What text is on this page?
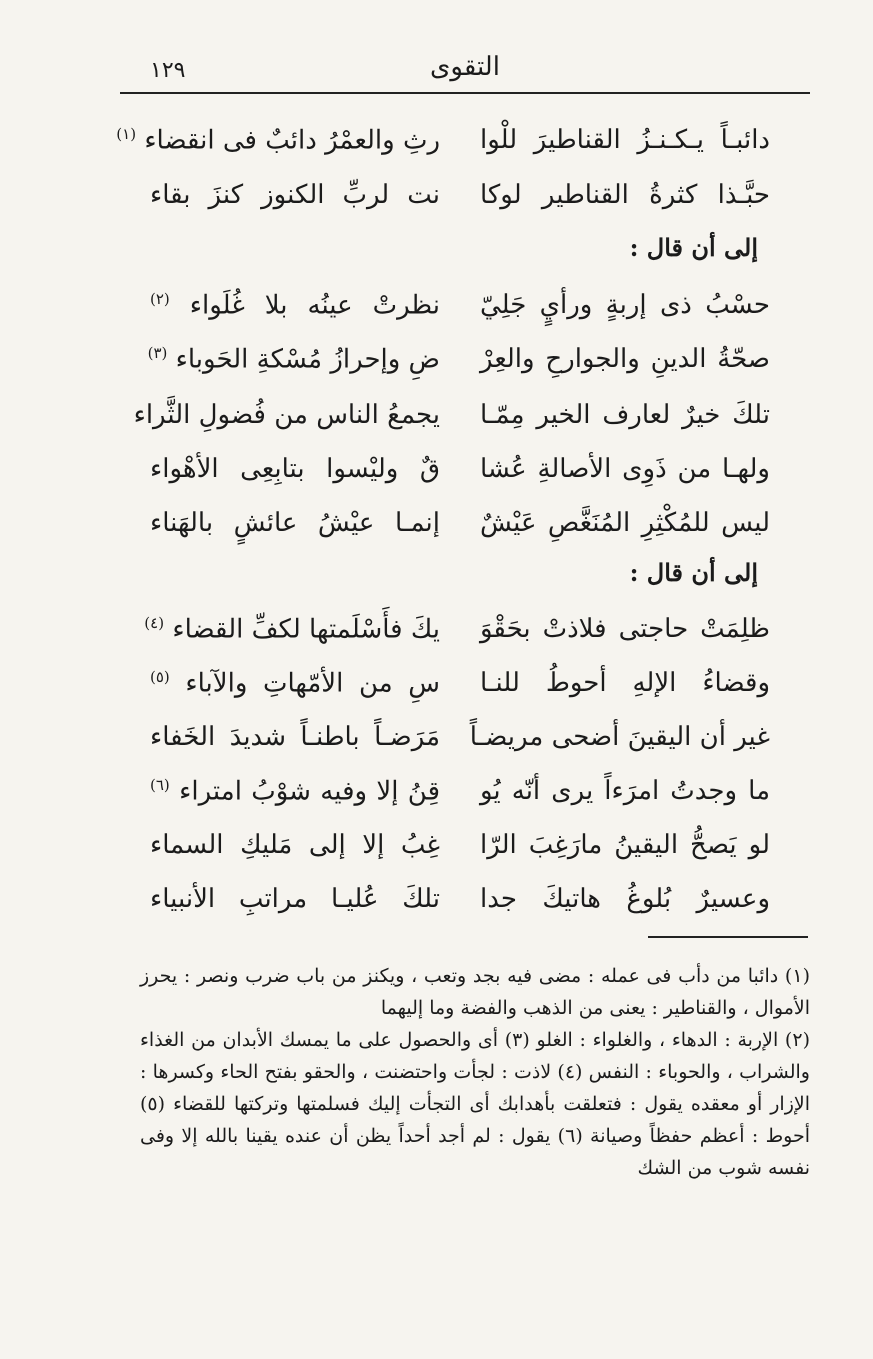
١٢٩	التقوى
دائبـاً يـكـنـزُ القناطيرَ للْوا
رثِ والعمْرُ دائبٌ فى انقضاء $^{(١)}$
حبَّـذا كثرةُ القناطير لوكا
نت لربِّ الكنوز كنزَ بقاء
إلى أن قال :
حسْبُ ذى إربةٍ ورأيٍ جَلِيّ
نظرتْ عينُه بلا غُلَواء $^{(٢)}$
صحّةُ الدينِ والجوارحِ والعِرْ
ضِ وإحرازُ مُسْكةِ الحَوباء $^{(٣)}$
تلكَ خيرٌ لعارف الخير مِمّـا
يجمعُ الناس من فُضولِ الثَّراء
ولهـا من ذَوِى الأصالةِ عُشا
قٌ وليْسوا بتابِعِى الأهْواء
ليس للمُكْثِرِ المُنَغَّصِ عَيْشٌ
إنمـا عيْشُ عائشٍ بالهَناء
إلى أن قال :
ظلِمَتْ حاجتى فلاذتْ بحَقْوَ
يكَ فأَسْلَمتها لكفِّ القضاء $^{(٤)}$
وقضاءُ الإلهِ أحوطُ للنـا
سِ من الأمّهاتِ والآباء $^{(٥)}$
غير أن اليقينَ أضحى مريضـاً
مَرَضـاً باطنـاً شديدَ الخَفاء
ما وجدتُ امرَءاً يرى أنّه يُو
قِنُ إلا وفيه شوْبُ امتراء $^{(٦)}$
لو يَصحُّ اليقينُ مارَغِبَ الرّا
غِبُ إلا إلى مَليكِ السماء
وعسيرٌ بُلوغُ هاتيكَ جدا
تلكَ عُليـا مراتبِ الأنبياء

(١) دائبا من دأب فى عمله : مضى فيه بجد وتعب ، ويكنز من باب ضرب ونصر : يحرز الأموال ، والقناطير : يعنى من الذهب والفضة وما إليهما

(٢) الإربة : الدهاء ، والغلواء : الغلو (٣) أى والحصول على ما يمسك الأبدان من الغذاء والشراب ، والحوباء : النفس (٤) لاذت : لجأت واحتضنت ، والحقو بفتح الحاء وكسرها : الإزار أو معقده يقول : فتعلقت بأهدابك أى التجأت إليك فسلمتها وتركتها للقضاء (٥) أحوط : أعظم حفظاً وصيانة (٦) يقول : لم أجد أحداً يظن أن عنده يقينا بالله إلا وفى نفسه شوب من الشك
